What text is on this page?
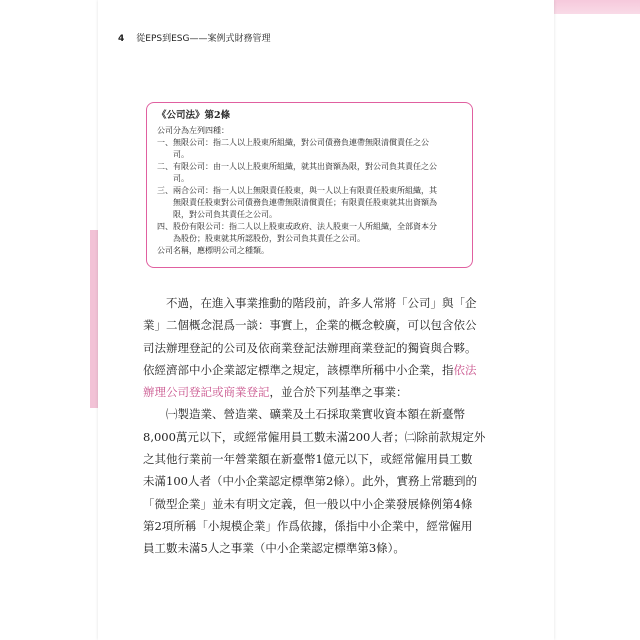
4 從EPS到ESG——案例式財務管理
《公司法》第2條
公司分為左列四種：
一、無限公司：指二人以上股東所組織，對公司債務負連帶無限清償責任之公
司。
二、有限公司：由一人以上股東所組織，就其出資額為限，對公司負其責任之公
司。
三、兩合公司：指一人以上無限責任股東，與一人以上有限責任股東所組織，其
無限責任股東對公司債務負連帶無限清償責任；有限責任股東就其出資額為
限，對公司負其責任之公司。
四、股份有限公司：指二人以上股東或政府、法人股東一人所組織，全部資本分
為股份；股東就其所認股份，對公司負其責任之公司。
公司名稱，應標明公司之種類。

不過，在進入事業推動的階段前，許多人常將「公司」與「企

業」二個概念混爲一談：事實上，企業的概念較廣，可以包含依公

司法辦理登記的公司及依商業登記法辦理商業登記的獨資與合夥。

依經濟部中小企業認定標準之規定，該標準所稱中小企業，指依法

辦理公司登記或商業登記，並合於下列基準之事業：

㈠製造業、營造業、礦業及土石採取業實收資本額在新臺幣

8,000萬元以下，或經常僱用員工數未滿200人者；㈡除前款規定外

之其他行業前一年營業額在新臺幣1億元以下，或經常僱用員工數

未滿100人者（中小企業認定標準第2條）。此外，實務上常聽到的

「微型企業」並未有明文定義，但一般以中小企業發展條例第4條

第2項所稱「小規模企業」作爲依據，係指中小企業中，經常僱用

員工數未滿5人之事業（中小企業認定標準第3條）。
